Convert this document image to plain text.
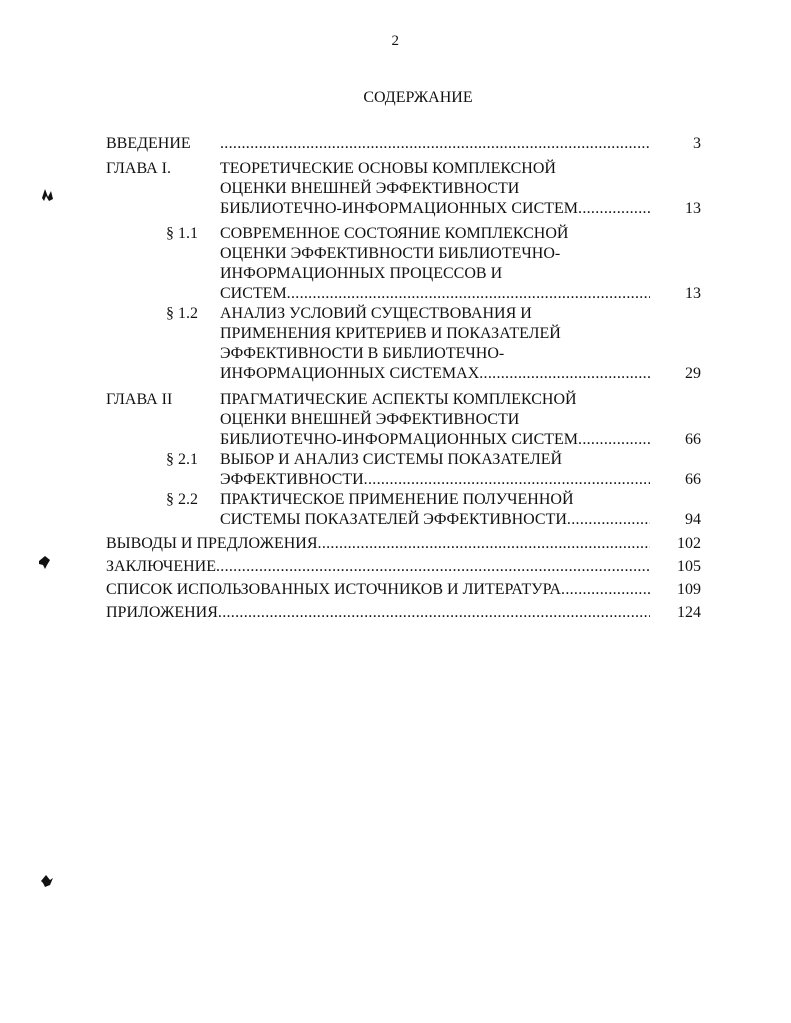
2
СОДЕРЖАНИЕ
ВВЕДЕНИЕ .....	3
ГЛАВА I.	ТЕОРЕТИЧЕСКИЕ ОСНОВЫ КОМПЛЕКСНОЙ
ОЦЕНКИ ВНЕШНЕЙ ЭФФЕКТИВНОСТИ
БИБЛИОТЕЧНО-ИНФОРМАЦИОННЫХ СИСТЕМ .....	13
§ 1.1 СОВРЕМЕННОЕ СОСТОЯНИЕ КОМПЛЕКСНОЙ
ОЦЕНКИ ЭФФЕКТИВНОСТИ БИБЛИОТЕЧНО-
ИНФОРМАЦИОННЫХ ПРОЦЕССОВ И
СИСТЕМ .....	13
§ 1.2 АНАЛИЗ УСЛОВИЙ СУЩЕСТВОВАНИЯ И
ПРИМЕНЕНИЯ КРИТЕРИЕВ И ПОКАЗАТЕЛЕЙ
ЭФФЕКТИВНОСТИ В БИБЛИОТЕЧНО-
ИНФОРМАЦИОННЫХ СИСТЕМАХ .....	29
ГЛАВА II	ПРАГМАТИЧЕСКИЕ АСПЕКТЫ КОМПЛЕКСНОЙ
ОЦЕНКИ ВНЕШНЕЙ ЭФФЕКТИВНОСТИ
БИБЛИОТЕЧНО-ИНФОРМАЦИОННЫХ СИСТЕМ .....	66
§ 2.1 ВЫБОР И АНАЛИЗ СИСТЕМЫ ПОКАЗАТЕЛЕЙ
ЭФФЕКТИВНОСТИ .....	66
§ 2.2 ПРАКТИЧЕСКОЕ ПРИМЕНЕНИЕ ПОЛУЧЕННОЙ
СИСТЕМЫ ПОКАЗАТЕЛЕЙ ЭФФЕКТИВНОСТИ .....	94
ВЫВОДЫ И ПРЕДЛОЖЕНИЯ .....	102
ЗАКЛЮЧЕНИЕ .....	105
СПИСОК ИСПОЛЬЗОВАННЫХ ИСТОЧНИКОВ И ЛИТЕРАТУРА .....	109
ПРИЛОЖЕНИЯ .....	124
